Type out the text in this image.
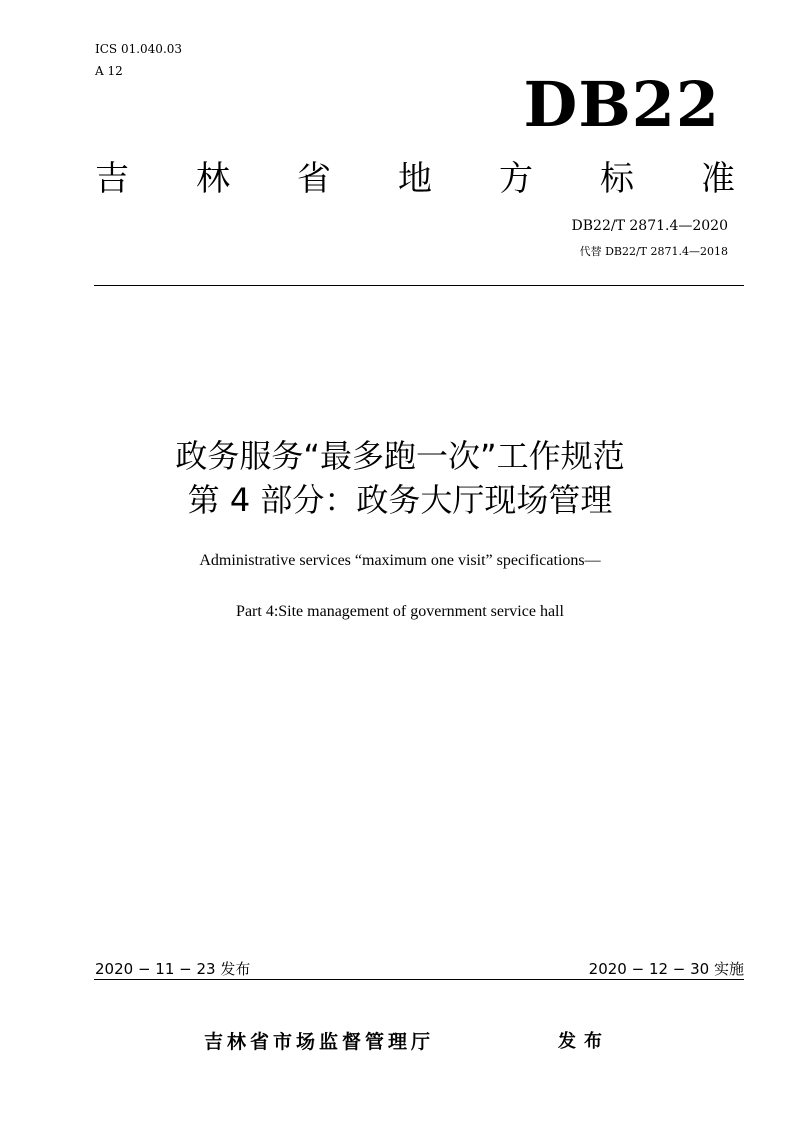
ICS 01.040.03
A 12	DB22
吉 林 省 地 方 标 准
DB22/T 2871.4—2020
代替 DB22/T 2871.4—2018
政务服务“最多跑一次”工作规范
第 4 部分：政务大厅现场管理
Administrative services “maximum one visit” specifications—
Part 4:Site management of government service hall
2020 − 11 − 23 发布	2020 − 12 − 30 实施
吉林省市场监督管理厅	发布
